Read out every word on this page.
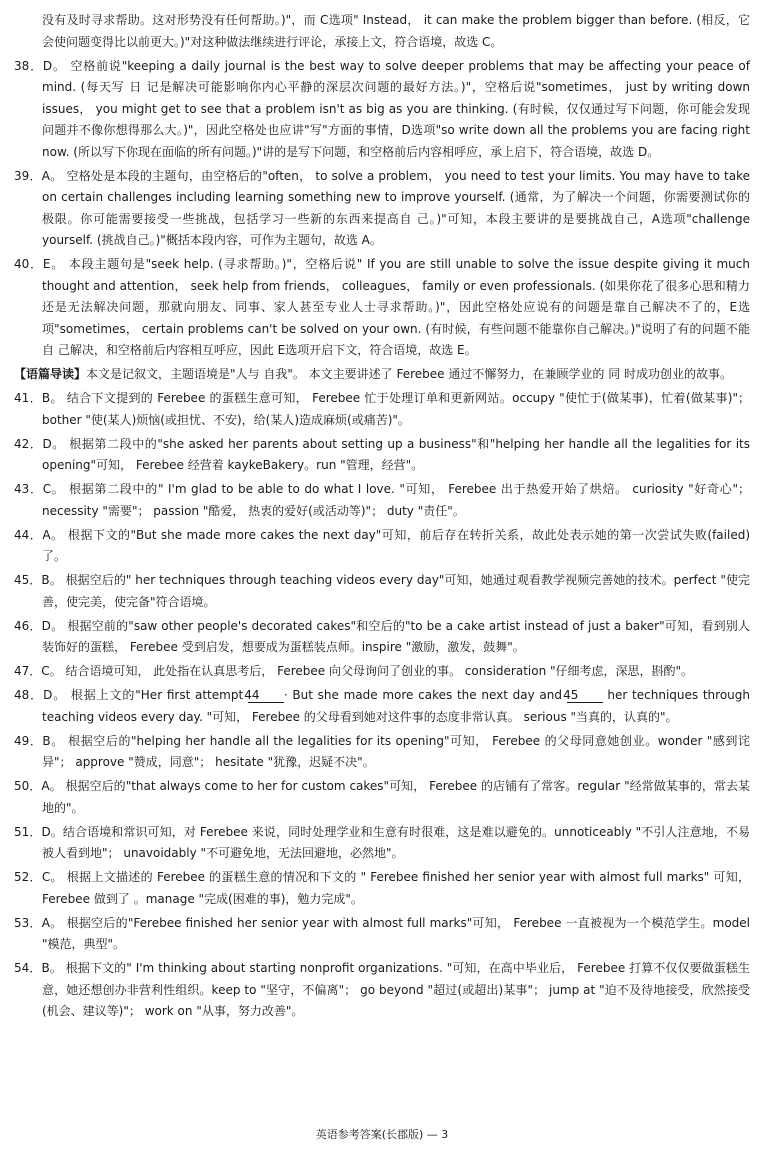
没有及时寻求帮助。这对形势没有任何帮助。)"，而 C选项" Instead， it can make the problem bigger than before. (相反，它会使问题变得比以前更大。)"对这种做法继续进行评论，承接上文，符合语境，故选 C。

38．D。 空格前说"keeping a daily journal is the best way to solve deeper problems that may be affecting your peace of mind. (每天写 日 记是解决可能影响你内心平静的深层次问题的最好方法。)"，空格后说"sometimes， just by writing down issues， you might get to see that a problem isn't as big as you are thinking. (有时候，仅仅通过写下问题，你可能会发现问题并不像你想得那么大。)"，因此空格处也应讲"写"方面的事情，D选项"so write down all the problems you are facing right now. (所以写下你现在面临的所有问题。)"讲的是写下问题，和空格前后内容相呼应，承上启下，符合语境，故选 D。

39．A。 空格处是本段的主题句，由空格后的"often， to solve a problem， you need to test your limits. You may have to take on certain challenges including learning something new to improve yourself. (通常，为了解决一个问题，你需要测试你的极限。你可能需要接受一些挑战，包括学习一些新的东西来提高自 己。)"可知，本段主要讲的是要挑战自己，A选项"challenge yourself. (挑战自己。)"概括本段内容，可作为主题句，故选 A。

40．E。 本段主题句是"seek help. (寻求帮助。)"，空格后说" If you are still unable to solve the issue despite giving it much thought and attention， seek help from friends， colleagues， family or even professionals. (如果你花了很多心思和精力还是无法解决问题，那就向朋友、同事、家人甚至专业人士寻求帮助。)"，因此空格处应说有的问题是靠自己解决不了的，E选项"sometimes， certain problems can't be solved on your own. (有时候，有些问题不能靠你自己解决。)"说明了有的问题不能自 己解决，和空格前后内容相互呼应，因此 E选项开启下文，符合语境，故选 E。

【语篇导读】本文是记叙文，主题语境是"人与 自我"。 本文主要讲述了 Ferebee 通过不懈努力，在兼顾学业的 同 时成功创业的故事。

41．B。 结合下文提到的 Ferebee 的蛋糕生意可知， Ferebee 忙于处理订单和更新网站。occupy "使忙于(做某事)，忙着(做某事)"； bother "使(某人)烦恼(或担忧、不安)，给(某人)造成麻烦(或痛苦)"。

42．D。 根据第二段中的"she asked her parents about setting up a business"和"helping her handle all the legalities for its opening"可知， Ferebee 经营着 kaykeBakery。run "管理，经营"。

43．C。 根据第二段中的" I'm glad to be able to do what I love. "可知， Ferebee 出于热爱开始了烘焙。 curiosity "好奇心"； necessity "需要"； passion "酷爱， 热衷的爱好(或活动等)"； duty "责任"。

44．A。 根据下文的"But she made more cakes the next day"可知，前后存在转折关系，故此处表示她的第一次尝试失败(failed)了。

45．B。 根据空后的" her techniques through teaching videos every day"可知，她通过观看教学视频完善她的技术。perfect "使完善，使完美，使完备"符合语境。

46．D。 根据空前的"saw other people's decorated cakes"和空后的"to be a cake artist instead of just a baker"可知，看到别人装饰好的蛋糕， Ferebee 受到启发，想要成为蛋糕装点师。inspire "激励，激发，鼓舞"。

47．C。 结合语境可知， 此处指在认真思考后， Ferebee 向父母询问了创业的事。 consideration "仔细考虑，深思，斟酌"。

48．D。 根据上文的"Her first attempt 44 · But she made more cakes the next day and 45 her techniques through teaching videos every day. "可知， Ferebee 的父母看到她对这件事的态度非常认真。 serious "当真的，认真的"。

49．B。 根据空后的"helping her handle all the legalities for its opening"可知， Ferebee 的父母同意她创业。wonder "感到诧异"； approve "赞成，同意"； hesitate "犹豫，迟疑不决"。

50．A。 根据空后的"that always come to her for custom cakes"可知， Ferebee 的店铺有了常客。regular "经常做某事的，常去某地的"。

51．D。结合语境和常识可知，对 Ferebee 来说，同时处理学业和生意有时很难，这是难以避免的。unnoticeably "不引人注意地，不易被人看到地"； unavoidably "不可避免地，无法回避地，必然地"。

52．C。 根据上文描述的 Ferebee 的蛋糕生意的情况和下文的 " Ferebee finished her senior year with almost full marks" 可知， Ferebee 做到了 。manage "完成(困难的事)，勉力完成"。

53．A。 根据空后的"Ferebee finished her senior year with almost full marks"可知， Ferebee 一直被视为一个模范学生。model "模范，典型"。

54．B。 根据下文的" I'm thinking about starting nonprofit organizations. "可知，在高中毕业后， Ferebee 打算不仅仅要做蛋糕生意，她还想创办非营利性组织。keep to "坚守，不偏离"； go beyond "超过(或超出)某事"； jump at "迫不及待地接受，欣然接受(机会、建议等)"； work on "从事，努力改善"。

英语参考答案(长郡版) — 3
